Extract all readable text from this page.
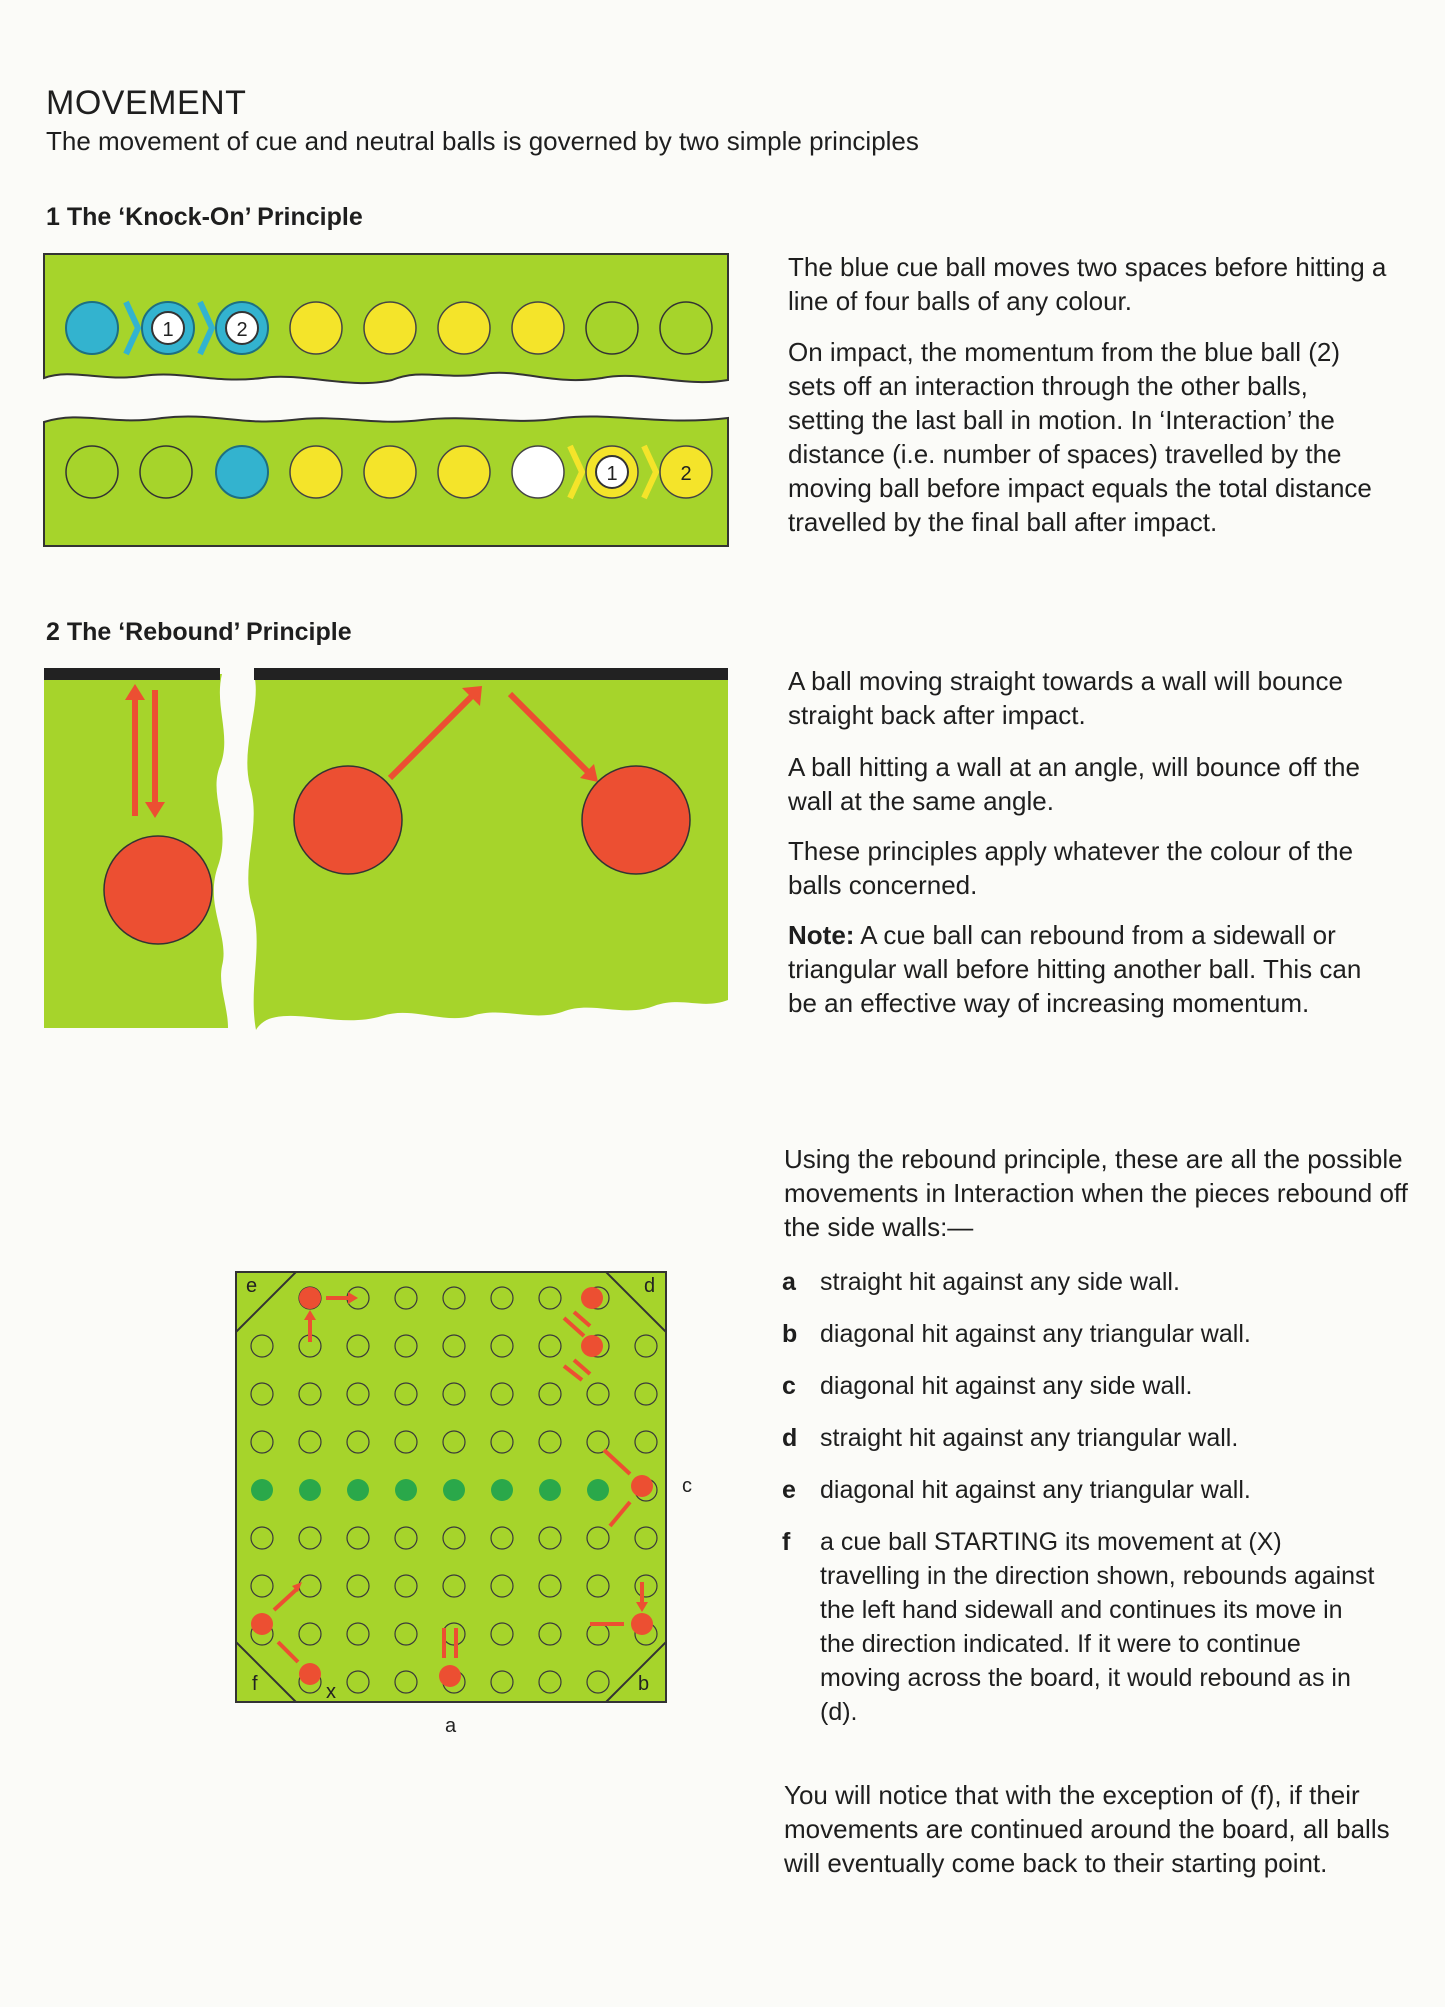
MOVEMENT
The movement of cue and neutral balls is governed by two simple principles
1 The ‘Knock-On’ Principle
1	2
1	2

The blue cue ball moves two spaces before hitting a line of four balls of any colour.

On impact, the momentum from the blue ball (2) sets off an interaction through the other balls, setting the last ball in motion. In ‘Interaction’ the distance (i.e. number of spaces) travelled by the moving ball before impact equals the total distance travelled by the final ball after impact.

2 The ‘Rebound’ Principle

A ball moving straight towards a wall will bounce straight back after impact.

A ball hitting a wall at an angle, will bounce off the wall at the same angle.

These principles apply whatever the colour of the balls concerned.

Note: A cue ball can rebound from a sidewall or triangular wall before hitting another ball. This can be an effective way of increasing momentum.

Using the rebound principle, these are all the possible movements in Interaction when the pieces rebound off the side walls:—

a straight hit against any side wall.
b diagonal hit against any triangular wall.
c diagonal hit against any side wall.
d straight hit against any triangular wall.
e diagonal hit against any triangular wall.
f	a cue ball STARTING its movement at (X) travelling in the direction shown, rebounds against the left hand sidewall and continues its move in the direction indicated. If it were to continue moving across the board, it would rebound as in (d).

You will notice that with the exception of (f), if their movements are continued around the board, all balls will eventually come back to their starting point.

e	d
f	b
x
c
a
